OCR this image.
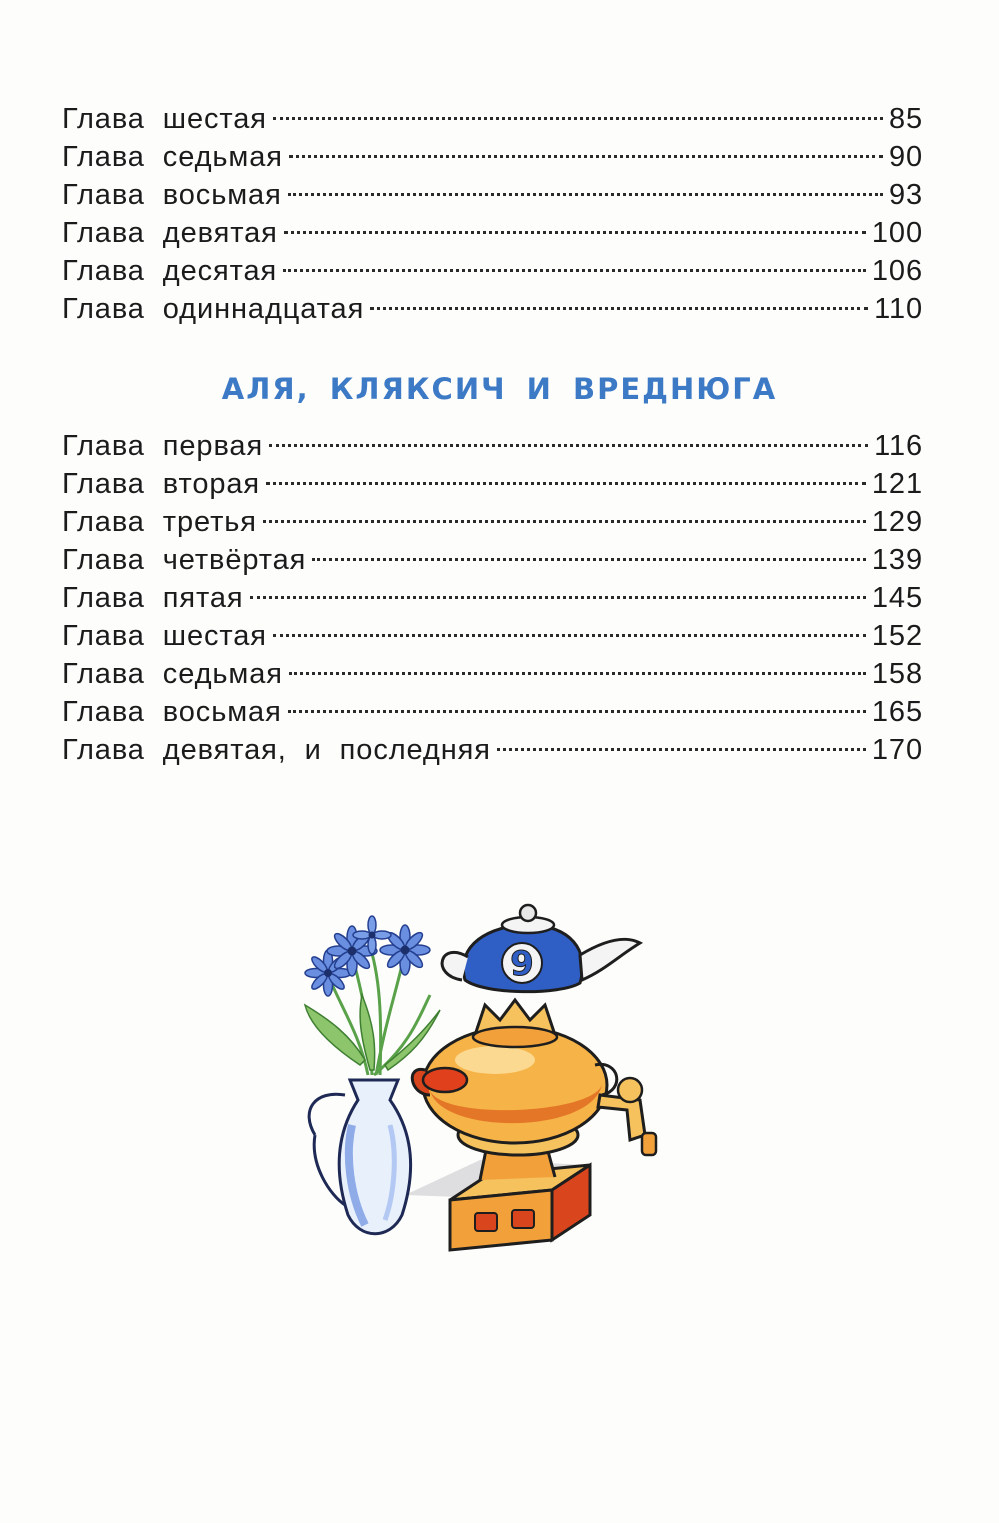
Глава шестая	85
Глава седьмая	90
Глава восьмая	93
Глава девятая	100
Глава десятая	106
Глава одиннадцатая	110
АЛЯ, КЛЯКСИЧ И ВРЕДНЮГА
Глава первая	116
Глава вторая	121
Глава третья	129
Глава четвёртая	139
Глава пятая	145
Глава шестая	152
Глава седьмая	158
Глава восьмая	165
Глава девятая, и последняя	170
9
